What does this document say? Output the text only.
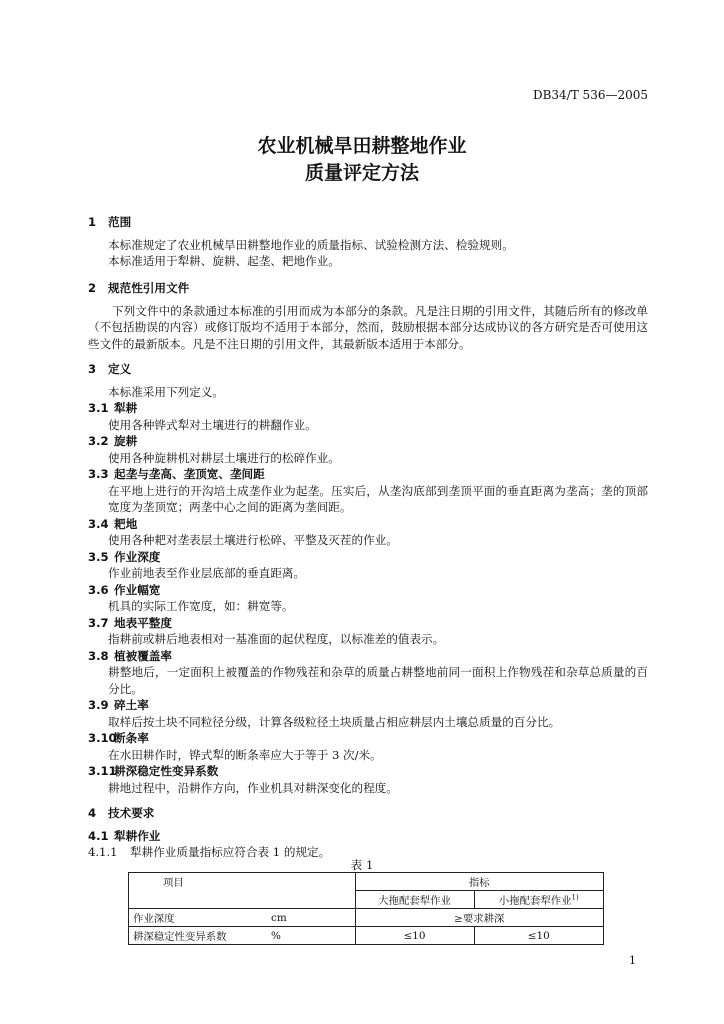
DB34/T 536—2005
农业机械旱田耕整地作业
质量评定方法
1 范围
本标准规定了农业机械旱田耕整地作业的质量指标、试验检测方法、检验规则。
本标准适用于犁耕、旋耕、起垄、耙地作业。
2 规范性引用文件
下列文件中的条款通过本标准的引用而成为本部分的条款。凡是注日期的引用文件，其随后所有的修改单（不包括勘误的内容）或修订版均不适用于本部分，然而，鼓励根据本部分达成协议的各方研究是否可使用这些文件的最新版本。凡是不注日期的引用文件，其最新版本适用于本部分。
3 定义
本标准采用下列定义。
3.1 犁耕
使用各种铧式犁对土壤进行的耕翻作业。
3.2 旋耕
使用各种旋耕机对耕层土壤进行的松碎作业。
3.3 起垄与垄高、垄顶宽、垄间距
在平地上进行的开沟培土成垄作业为起垄。压实后，从垄沟底部到垄顶平面的垂直距离为垄高；垄的顶部宽度为垄顶宽；两垄中心之间的距离为垄间距。
3.4 耙地
使用各种耙对垄表层土壤进行松碎、平整及灭茬的作业。
3.5 作业深度
作业前地表至作业层底部的垂直距离。
3.6 作业幅宽
机具的实际工作宽度，如：耕宽等。
3.7 地表平整度
指耕前或耕后地表相对一基准面的起伏程度，以标准差的值表示。
3.8 植被覆盖率
耕整地后，一定面积上被覆盖的作物残茬和杂草的质量占耕整地前同一面积上作物残茬和杂草总质量的百分比。
3.9 碎土率
取样后按土块不同粒径分级，计算各级粒径土块质量占相应耕层内土壤总质量的百分比。
3.10断条率
在水田耕作时，铧式犁的断条率应大于等于 3 次/米。
3.11耕深稳定性变异系数
耕地过程中，沿耕作方向，作业机具对耕深变化的程度。
4 技术要求
4.1 犁耕作业
4.1.1 犁耕作业质量指标应符合表 1 的规定。
表 1
项目		指标	
		大拖配套犁作业	小拖配套犁作业$^{1)}$
作业深度	cm	≥要求耕深	
耕深稳定性变异系数	%	≤10	≤10
1
